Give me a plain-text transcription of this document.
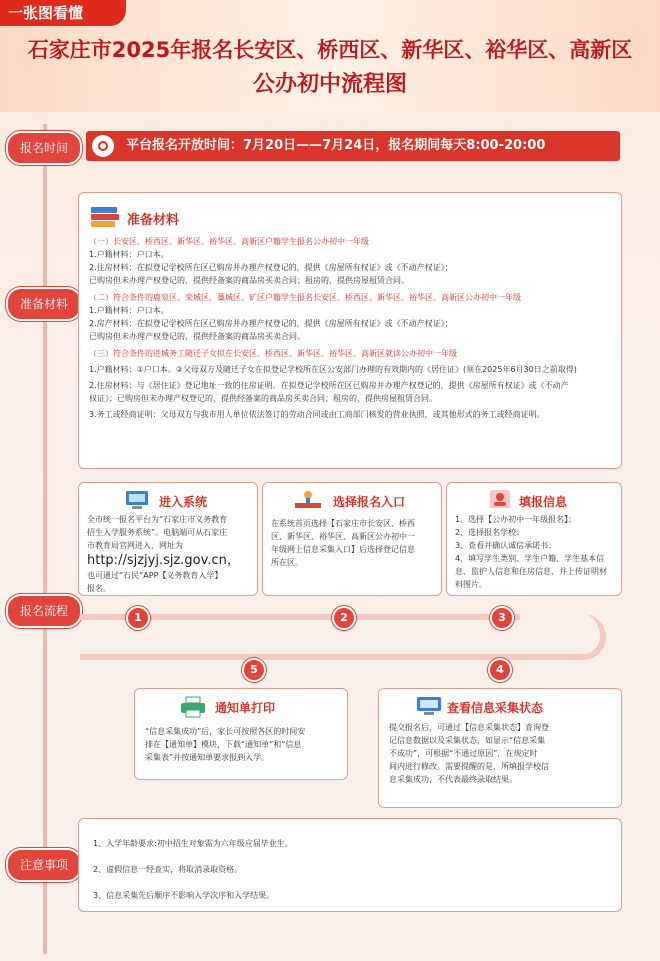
一张图看懂
石家庄市2025年报名长安区、桥西区、新华区、裕华区、高新区
公办初中流程图
报名时间	平台报名开放时间：7月20日——7月24日，报名期间每天8:00-20:00
准备材料
准备材料
（一）长安区、桥西区、新华区、裕华区、高新区户籍学生报名公办初中一年级
1.户籍材料：户口本。
2.住房材料：在拟登记学校所在区已购房并办理产权登记的，提供《房屋所有权证》或《不动产权证》；
已购房但未办理产权登记的，提供经备案的商品房买卖合同；租房的，提供房屋租赁合同。
（二）符合条件的鹿泉区、栾城区、藁城区、矿区户籍学生报名长安区、桥西区、新华区、裕华区、高新区公办初中一年级
1.户籍材料：户口本。
2.房产材料：在拟登记学校所在区已购房并办理产权登记的，提供《房屋所有权证》或《不动产权证》；
已购房但未办理产权登记的，提供经备案的商品房买卖合同。
（三）符合条件的进城务工随迁子女拟在长安区、桥西区、新华区、裕华区、高新区就读公办初中一年级
1.户籍材料：①户口本。②父母双方及随迁子女在拟登记学校所在区公安部门办理的有效期内的《居住证》(须在2025年6月30日之前取得)
2.住房材料：与《居住证》登记地址一致的住房证明。在拟登记学校所在区已购房并办理产权登记的，提供《房屋所有权证》或《不动产
权证》；已购房但未办理产权登记的，提供经备案的商品房买卖合同；租房的，提供房屋租赁合同。
3.务工或经商证明：父母双方与我市用人单位依法签订的劳动合同或由工商部门核发的营业执照，或其他形式的务工或经商证明。
报名流程
进入系统
全市统一报名平台为“石家庄市义务教育
招生入学服务系统”。电脑端可从石家庄
市教育局官网进入，网址为
http://sjzjyj.sjz.gov.cn，
也可通过“石民”APP【义务教育入学】
报名。
1
选择报名入口
在系统首页选择【石家庄市长安区、桥西
区、新华区、裕华区、高新区公办初中一
年级网上信息采集入口】后选择登记信息
所在区。
2
填报信息
1、选择【公办初中一年级报名】；
2、选择报名学校；
3、查看并确认诚信承诺书；
4、填写学生类别、学生户籍、学生基本信
息、监护人信息和住房信息，并上传证明材
料图片。
3
5
通知单打印
“信息采集成功”后，家长可按照各区的时间安
排在【通知单】模块，下载“通知单”和“信息
采集表”并按通知单要求报到入学。
4
查看信息采集状态
提交报名后，可通过【信息采集状态】查询登
记信息数据以及采集状态，如显示“信息采集
不成功”，可根据“不通过原因”，在规定时
间内进行修改。需要提醒的是，所填报学校信
息采集成功，不代表最终录取结果。
注意事项
1、入学年龄要求:初中招生对象需为六年级应届毕业生。
2、虚假信息一经查实，将取消录取资格。
3、信息采集先后顺序不影响入学次序和入学结果。
